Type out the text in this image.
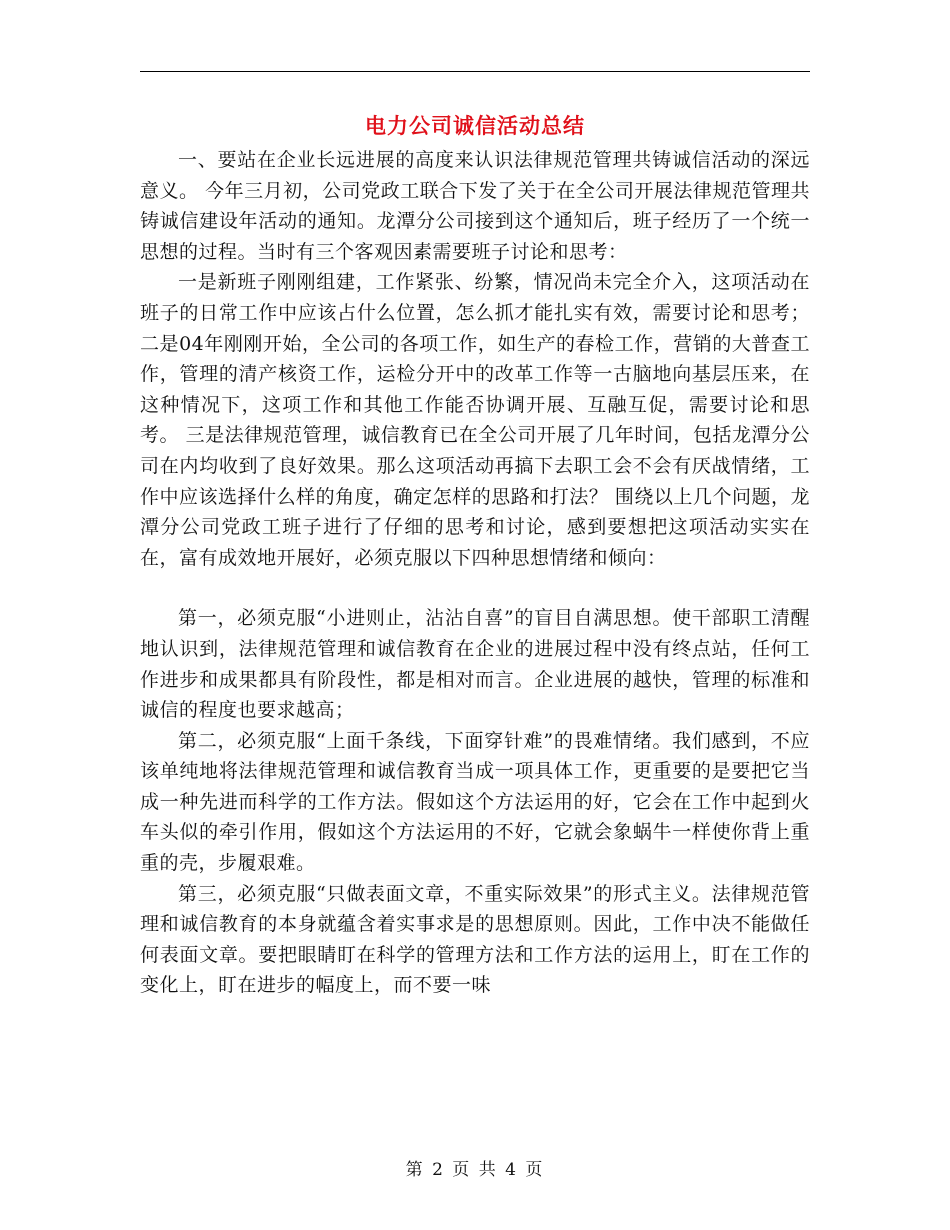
电力公司诚信活动总结

一、要站在企业长远进展的高度来认识法律规范管理共铸诚信活动的深远意义。 今年三月初，公司党政工联合下发了关于在全公司开展法律规范管理共铸诚信建设年活动的通知。龙潭分公司接到这个通知后，班子经历了一个统一思想的过程。当时有三个客观因素需要班子讨论和思考：

一是新班子刚刚组建，工作紧张、纷繁，情况尚未完全介入，这项活动在班子的日常工作中应该占什么位置，怎么抓才能扎实有效，需要讨论和思考； 二是04年刚刚开始，全公司的各项工作，如生产的春检工作，营销的大普查工作，管理的清产核资工作，运检分开中的改革工作等一古脑地向基层压来，在这种情况下，这项工作和其他工作能否协调开展、互融互促，需要讨论和思考。 三是法律规范管理，诚信教育已在全公司开展了几年时间，包括龙潭分公司在内均收到了良好效果。那么这项活动再搞下去职工会不会有厌战情绪，工作中应该选择什么样的角度，确定怎样的思路和打法？ 围绕以上几个问题，龙潭分公司党政工班子进行了仔细的思考和讨论，感到要想把这项活动实实在在，富有成效地开展好，必须克服以下四种思想情绪和倾向：

第一，必须克服“小进则止，沾沾自喜”的盲目自满思想。使干部职工清醒地认识到，法律规范管理和诚信教育在企业的进展过程中没有终点站，任何工作进步和成果都具有阶段性，都是相对而言。企业进展的越快，管理的标准和诚信的程度也要求越高；

第二，必须克服“上面千条线，下面穿针难”的畏难情绪。我们感到，不应该单纯地将法律规范管理和诚信教育当成一项具体工作，更重要的是要把它当成一种先进而科学的工作方法。假如这个方法运用的好，它会在工作中起到火车头似的牵引作用，假如这个方法运用的不好，它就会象蜗牛一样使你背上重重的壳，步履艰难。

第三，必须克服“只做表面文章，不重实际效果”的形式主义。法律规范管理和诚信教育的本身就蕴含着实事求是的思想原则。因此，工作中决不能做任何表面文章。要把眼睛盯在科学的管理方法和工作方法的运用上，盯在工作的变化上，盯在进步的幅度上，而不要一味

第 2 页 共 4 页
